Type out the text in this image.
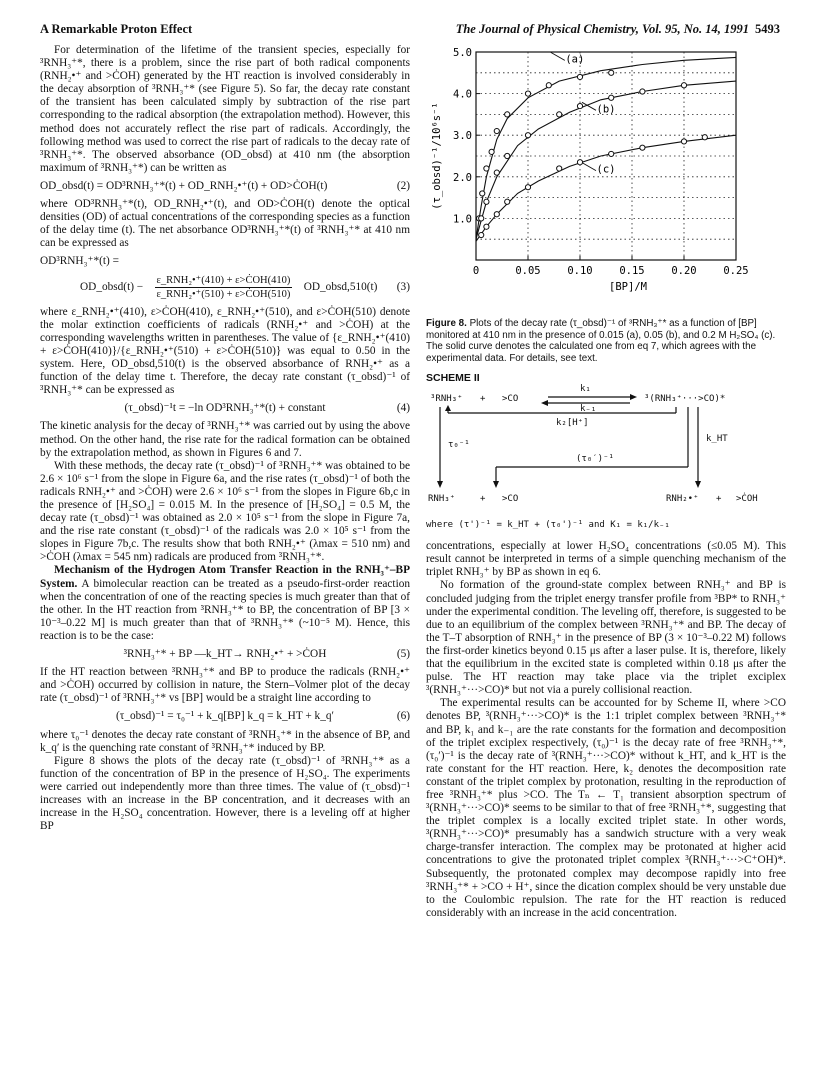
A Remarkable Proton Effect	The Journal of Physical Chemistry, Vol. 95, No. 14, 1991 5493

For determination of the lifetime of the transient species, especially for ³RNH₃⁺*, there is a problem, since the rise part of both radical components (RNH₂•⁺ and >ĊOH) generated by the HT reaction is involved considerably in the decay absorption of ³RNH₃⁺* (see Figure 5). So far, the decay rate constant of the transient has been calculated simply by subtraction of the rise part corresponding to the radical absorption (the extrapolation method). However, this method does not accurately reflect the rise part of radicals. Accordingly, the following method was used to correct the rise part of radicals to the decay rate of ³RNH₃⁺*. The observed absorbance (OD_obsd) at 410 nm (the absorption maximum of ³RNH₃⁺*) can be written as

OD_obsd(t) = OD³RNH₃⁺*(t) + OD_RNH₂•⁺(t) + OD>ĊOH(t)	(2)

where OD³RNH₃⁺*(t), OD_RNH₂•⁺(t), and OD>ĊOH(t) denote the optical densities (OD) of actual concentrations of the corresponding species as a function of the delay time (t). The net absorbance OD³RNH₃⁺*(t) of ³RNH₃⁺* at 410 nm can be expressed as

OD³RNH₃⁺*(t) =
OD_obsd(t) − $\frac{\text{ε\_RNH₂•⁺(410) + ε>ĊOH(410)}}{\text{ε\_RNH₂•⁺(510) + ε>ĊOH(510)}}$ OD_obsd,510(t) (3)

where ε_RNH₂•⁺(410), ε>ĊOH(410), ε_RNH₂•⁺(510), and ε>ĊOH(510) denote the molar extinction coefficients of radicals (RNH₂•⁺ and >ĊOH) at the corresponding wavelengths written in parentheses. The value of {ε_RNH₂•⁺(410) + ε>ĊOH(410)}/{ε_RNH₂•⁺(510) + ε>ĊOH(510)} was equal to 0.50 in the system. Here, OD_obsd,510(t) is the observed absorbance of RNH₂•⁺ as a function of the delay time t. Therefore, the decay rate constant (τ_obsd)⁻¹ of ³RNH₃⁺* can be expressed as

(τ_obsd)⁻¹t = −ln OD³RNH₃⁺*(t) + constant	(4)

The kinetic analysis for the decay of ³RNH₃⁺* was carried out by using the above method. On the other hand, the rise rate for the radical formation can be obtained by the extrapolation method, as shown in Figures 6 and 7.

With these methods, the decay rate (τ_obsd)⁻¹ of ³RNH₃⁺* was obtained to be 2.6 × 10⁶ s⁻¹ from the slope in Figure 6a, and the rise rates (τ_obsd)⁻¹ of both the radicals RNH₂•⁺ and >ĊOH) were 2.6 × 10⁶ s⁻¹ from the slopes in Figure 6b,c in the presence of [H₂SO₄] = 0.015 M. In the presence of [H₂SO₄] = 0.5 M, the decay rate (τ_obsd)⁻¹ was obtained as 2.0 × 10⁵ s⁻¹ from the slope in Figure 7a, and the rise rate constant (τ_obsd)⁻¹ of the radicals was 2.0 × 10⁵ s⁻¹ from the slopes in Figure 7b,c. The results show that both RNH₂•⁺ (λmax = 510 nm) and >ĊOH (λmax = 545 nm) radicals are produced from ³RNH₃⁺*.

Mechanism of the Hydrogen Atom Transfer Reaction in the RNH₃⁺–BP System. A bimolecular reaction can be treated as a pseudo-first-order reaction when the concentration of one of the reacting species is much greater than that of the other. In the HT reaction from ³RNH₃⁺* to BP, the concentration of BP [3 × 10⁻³–0.22 M] is much greater than that of ³RNH₃⁺* (~10⁻⁵ M). Hence, this reaction is to be the case:

³RNH₃⁺* + BP —k_HT→ RNH₂•⁺ + >ĊOH	(5)

If the HT reaction between ³RNH₃⁺* and BP to produce the radicals (RNH₂•⁺ and >ĊOH) occurred by collision in nature, the Stern–Volmer plot of the decay rate (τ_obsd)⁻¹ of ³RNH₃⁺* vs [BP] would be a straight line according to

(τ_obsd)⁻¹ = τ₀⁻¹ + k_q[BP] k_q = k_HT + k_q′	(6)

where τ₀⁻¹ denotes the decay rate constant of ³RNH₃⁺* in the absence of BP, and k_q′ is the quenching rate constant of ³RNH₃⁺* induced by BP.

Figure 8 shows the plots of the decay rate (τ_obsd)⁻¹ of ³RNH₃⁺* as a function of the concentration of BP in the presence of H₂SO₄. The experiments were carried out independently more than three times. The value of (τ_obsd)⁻¹ increases with an increase in the BP concentration, and it decreases with an increase in the H₂SO₄ concentration. However, there is a leveling off at higher BP

0	0.05	0.10	0.15	0.20	0.25
1.0
2.0
3.0
4.0
5.0
[BP]/M
(τ_obsd)⁻¹/10⁶s⁻¹
(a)
(b)
(c)
Figure 8. Plots of the decay rate (τ_obsd)⁻¹ of ³RNH₃⁺* as a function of [BP] monitored at 410 nm in the presence of 0.015 (a), 0.05 (b), and 0.2 M H₂SO₄ (c). The solid curve denotes the calculated one from eq 7, which agrees with the experimental data. For details, see text.
SCHEME II
³RNH₃⁺ + >CO
k₁
k₋₁
³(RNH₃⁺···>CO)*
k₂[H⁺]
τ₀⁻¹
(τ₀′)⁻¹
k_HT
RNH₃⁺	+ >CO	RNH₂•⁺ + >ĊOH
where (τ')⁻¹ = k_HT + (τ₀')⁻¹ and K₁ = k₁/k₋₁

concentrations, especially at lower H₂SO₄ concentrations (≤0.05 M). This result cannot be interpreted in terms of a simple quenching mechanism of the triplet RNH₃⁺ by BP as shown in eq 6.

No formation of the ground-state complex between RNH₃⁺ and BP is concluded judging from the triplet energy transfer profile from ³BP* to RNH₃⁺ under the experimental condition. The leveling off, therefore, is suggested to be due to an equilibrium of the complex between ³RNH₃⁺* and BP. The decay of the T–T absorption of RNH₃⁺ in the presence of BP (3 × 10⁻³–0.22 M) follows the first-order kinetics beyond 0.15 μs after a laser pulse. It is, therefore, likely that the equilibrium in the excited state is completed within 0.18 μs after the pulse. The HT reaction may take place via the triplet exciplex ³(RNH₃⁺···>CO)* but not via a purely collisional reaction.

The experimental results can be accounted for by Scheme II, where >CO denotes BP, ³(RNH₃⁺···>CO)* is the 1:1 triplet complex between ³RNH₃⁺* and BP, k₁ and k₋₁ are the rate constants for the formation and decomposition of the triplet exciplex respectively, (τ₀)⁻¹ is the decay rate of free ³RNH₃⁺*, (τ₀′)⁻¹ is the decay rate of ³(RNH₃⁺···>CO)* without k_HT, and k_HT is the rate constant for the HT reaction. Here, k₂ denotes the decomposition rate constant of the triplet complex by protonation, resulting in the reproduction of free ³RNH₃⁺* plus >CO. The Tₙ ← T₁ transient absorption spectrum of ³(RNH₃⁺···>CO)* seems to be similar to that of free ³RNH₃⁺*, suggesting that the triplet complex is a locally excited triplet state. In other words, ³(RNH₃⁺···>CO)* presumably has a sandwich structure with a very weak charge-transfer interaction. The complex may be protonated at higher acid concentrations to give the protonated triplet complex ³(RNH₃⁺···>C⁺OH)*. Subsequently, the protonated complex may decompose rapidly into free ³RNH₃⁺* + >CO + H⁺, since the dication complex should be very unstable due to the Coulombic repulsion. The rate for the HT reaction is reduced considerably with an increase in the acid concentration.
